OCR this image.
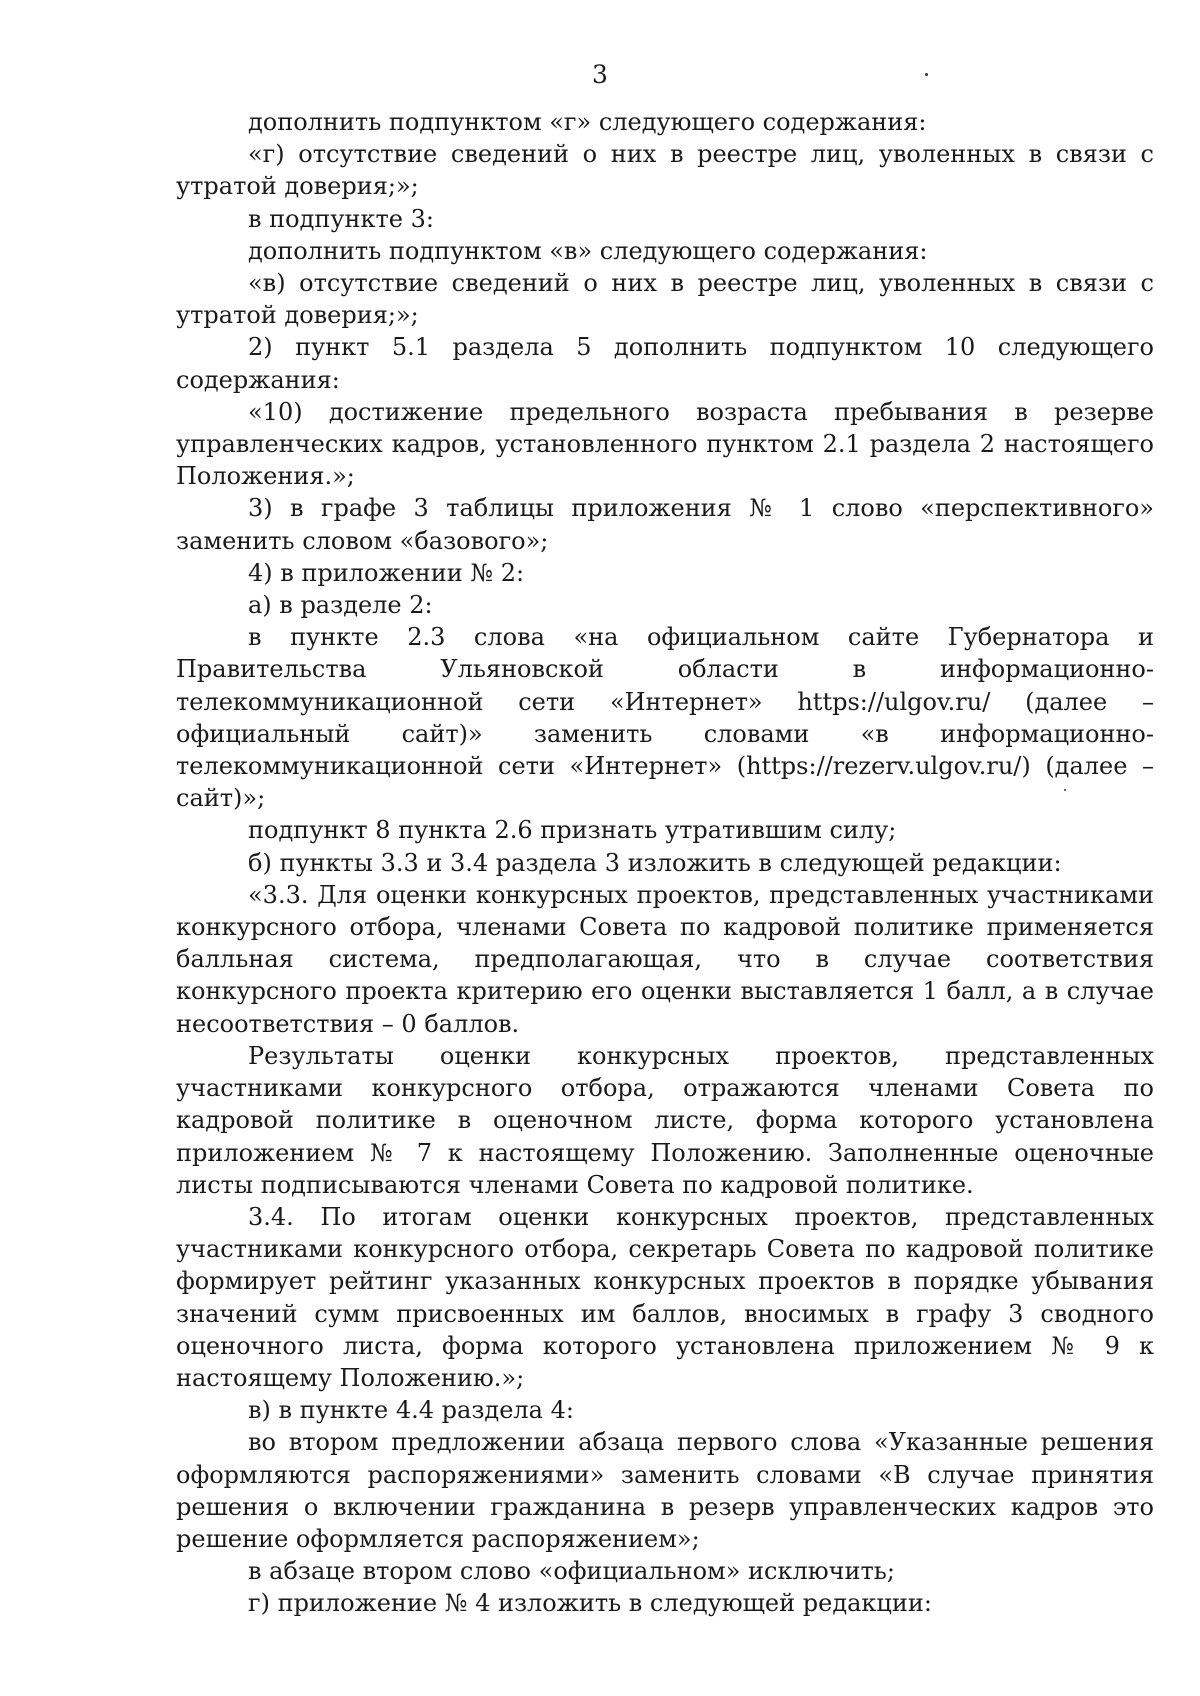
3

дополнить подпунктом «г» следующего содержания:

«г) отсутствие сведений о них в реестре лиц, уволенных в связи с утратой доверия;»;

в подпункте 3:

дополнить подпунктом «в» следующего содержания:

«в) отсутствие сведений о них в реестре лиц, уволенных в связи с утратой доверия;»;

2) пункт 5.1 раздела 5 дополнить подпунктом 10 следующего содержания:

«10) достижение предельного возраста пребывания в резерве управленческих кадров, установленного пунктом 2.1 раздела 2 настоящего Положения.»;

3) в графе 3 таблицы приложения № 1 слово «перспективного» заменить словом «базового»;

4) в приложении № 2:

а) в разделе 2:

в пункте 2.3 слова «на официальном сайте Губернатора и Правительства Ульяновской области в информационно-телекоммуникационной сети «Интернет» https://ulgov.ru/ (далее – официальный сайт)» заменить словами «в информационно-телекоммуникационной сети «Интернет» (https://rezerv.ulgov.ru/) (далее – сайт)»;

подпункт 8 пункта 2.6 признать утратившим силу;

б) пункты 3.3 и 3.4 раздела 3 изложить в следующей редакции:

«3.3. Для оценки конкурсных проектов, представленных участниками конкурсного отбора, членами Совета по кадровой политике применяется балльная система, предполагающая, что в случае соответствия конкурсного проекта критерию его оценки выставляется 1 балл, а в случае несоответствия – 0 баллов.

Результаты оценки конкурсных проектов, представленных участниками конкурсного отбора, отражаются членами Совета по кадровой политике в оценочном листе, форма которого установлена приложением № 7 к настоящему Положению. Заполненные оценочные листы подписываются членами Совета по кадровой политике.

3.4. По итогам оценки конкурсных проектов, представленных участниками конкурсного отбора, секретарь Совета по кадровой политике формирует рейтинг указанных конкурсных проектов в порядке убывания значений сумм присвоенных им баллов, вносимых в графу 3 сводного оценочного листа, форма которого установлена приложением № 9 к настоящему Положению.»;

в) в пункте 4.4 раздела 4:

во втором предложении абзаца первого слова «Указанные решения оформляются распоряжениями» заменить словами «В случае принятия решения о включении гражданина в резерв управленческих кадров это решение оформляется распоряжением»;

в абзаце втором слово «официальном» исключить;

г) приложение № 4 изложить в следующей редакции:
